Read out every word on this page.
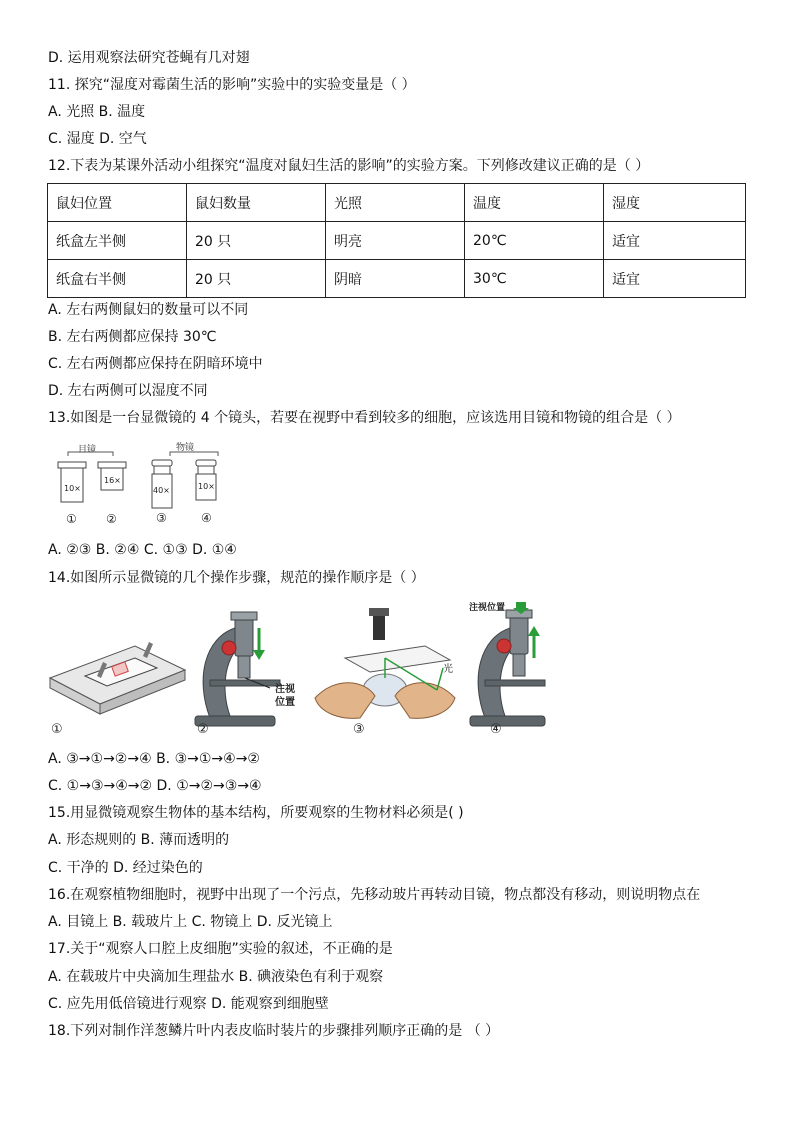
D. 运用观察法研究苍蝇有几对翅
11. 探究“湿度对霉菌生活的影响”实验中的实验变量是（ ）
A. 光照 B. 温度
C. 湿度 D. 空气
12.下表为某课外活动小组探究“温度对鼠妇生活的影响”的实验方案。下列修改建议正确的是（ ）
鼠妇位置	鼠妇数量	光照	温度	湿度
纸盒左半侧	20 只	明亮	20℃	适宜
纸盒右半侧	20 只	阴暗	30℃	适宜
A. 左右两侧鼠妇的数量可以不同
B. 左右两侧都应保持 30℃
C. 左右两侧都应保持在阴暗环境中
D. 左右两侧可以湿度不同
13.如图是一台显微镜的 4 个镜头，若要在视野中看到较多的细胞，应该选用目镜和物镜的组合是（ ）
目镜	物镜
10×
16×
40×	10×
① ②	③	④
A. ②③ B. ②④ C. ①③ D. ①④
14.如图所示显微镜的几个操作步骤，规范的操作顺序是（ ）
注视
位置
光
注视位置
①	②	③	④
A. ③→①→②→④ B. ③→①→④→②
C. ①→③→④→② D. ①→②→③→④
15.用显微镜观察生物体的基本结构，所要观察的生物材料必须是( )
A. 形态规则的 B. 薄而透明的
C. 干净的 D. 经过染色的
16.在观察植物细胞时，视野中出现了一个污点，先移动玻片再转动目镜，物点都没有移动，则说明物点在
A. 目镜上 B. 载玻片上 C. 物镜上 D. 反光镜上
17.关于“观察人口腔上皮细胞”实验的叙述，不正确的是
A. 在载玻片中央滴加生理盐水 B. 碘液染色有利于观察
C. 应先用低倍镜进行观察 D. 能观察到细胞壁
18.下列对制作洋葱鳞片叶内表皮临时装片的步骤排列顺序正确的是 （ ）
